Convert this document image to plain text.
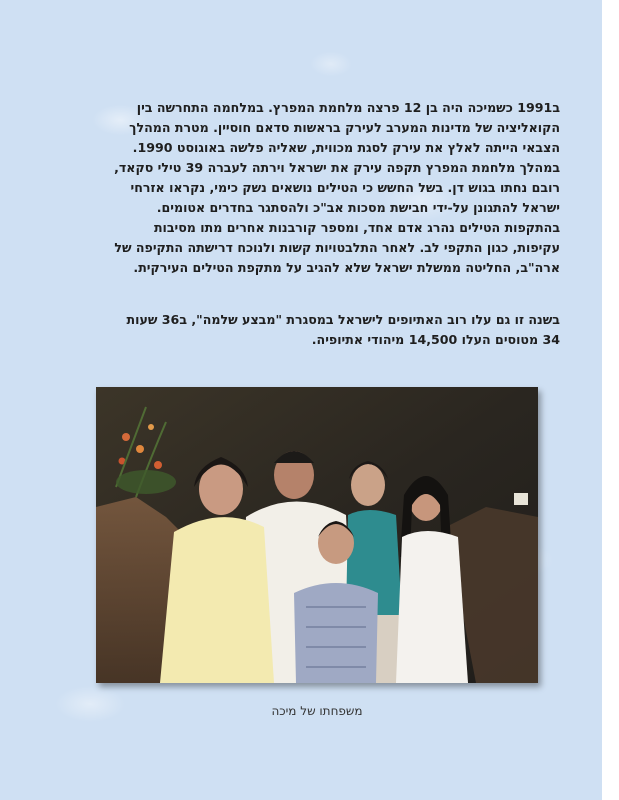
ב1991 כשמיכה היה בן 12 פרצה מלחמת המפרץ. במלחמה התחרשה בין
הקואליציה של מדינות המערב לעירק בראשות סדאם חוסיין. מטרת המהלך
הצבאי הייתה לאלץ את עירק לסגת מכווית, שאליה פלשה באוגוסט 1990.
במהלך מלחמת המפרץ תקפה עירק את ישראל וירתה לעברה 39 טילי סקאד,
רובם נחתו בגוש דן. בשל החשש כי הטילים נושאים נשק כימי, נקראו אזרחי
ישראל להתגונן על-ידי חבישת מסכות אב"כ ולהסתגר בחדרים אטומים.
בהתקפות הטילים נהרג אדם אחד, ומספר קורבנות אחרים מתו מסיבות
עקיפות, כגון התקפי לב. לאחר התלבטויות קשות ולנוכח דרישתה התקיפה של
ארה"ב, החליטה ממשלת ישראל שלא להגיב על מתקפת הטילים העירקית.
בשנה זו גם עלו רוב האתיופים לישראל במסגרת "מבצע שלמה", ב36 שעות
34 מטוסים העלו 14,500 מיהודי אתיופיה.
משפחתו של מיכה
